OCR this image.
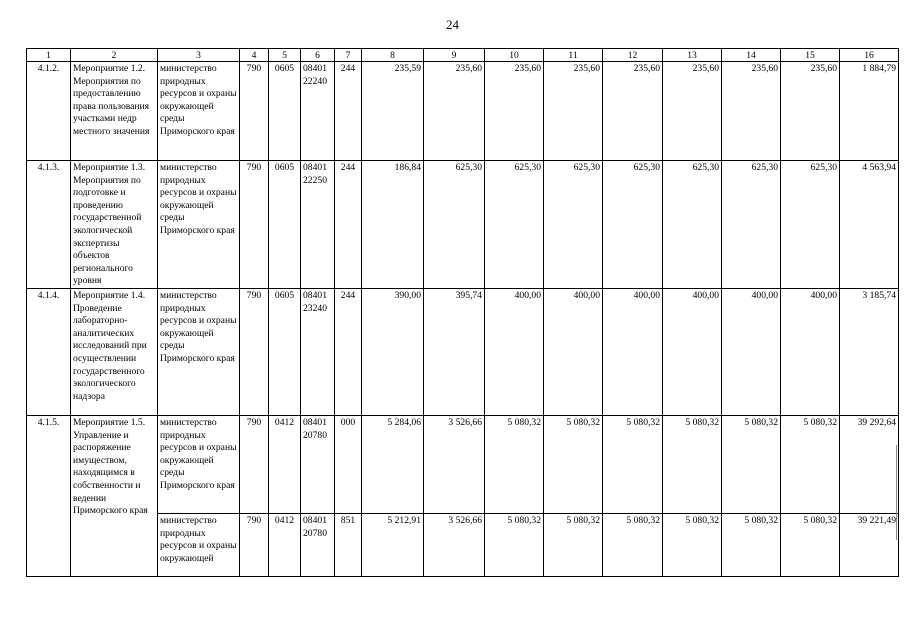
24
1	2	3	4	5	6	7	8	9	10	11	12	13	14	15	16
4.1.2.	Мероприятие 1.2. Мероприятия по предоставлению права пользования участками недр местного значения	министерство природных ресурсов и охраны окружающей среды Приморского края	790	0605	08401 22240	244	235,59	235,60	235,60	235,60	235,60	235,60	235,60	235,60	1 884,79
4.1.3.	Мероприятие 1.3. Мероприятия по подготовке и проведению государственной экологической экспертизы объектов регионального уровня	министерство природных ресурсов и охраны окружающей среды Приморского края	790	0605	08401 22250	244	186,84	625,30	625,30	625,30	625,30	625,30	625,30	625,30	4 563,94
4.1.4.	Мероприятие 1.4. Проведение лабораторно-аналитических исследований при осуществлении государственного экологического надзора	министерство природных ресурсов и охраны окружающей среды Приморского края	790	0605	08401 23240	244	390,00	395,74	400,00	400,00	400,00	400,00	400,00	400,00	3 185,74
4.1.5.	Мероприятие 1.5. Управление и распоряжение имуществом, находящимся в собственности и ведении Приморского края	министерство природных ресурсов и охраны окружающей среды Приморского края	790	0412	08401 20780	000	5 284,06	3 526,66	5 080,32	5 080,32	5 080,32	5 080,32	5 080,32	5 080,32	39 292,64
		министерство природных ресурсов и охраны окружающей	790	0412	08401 20780	851	5 212,91	3 526,66	5 080,32	5 080,32	5 080,32	5 080,32	5 080,32	5 080,32	39 221,49
